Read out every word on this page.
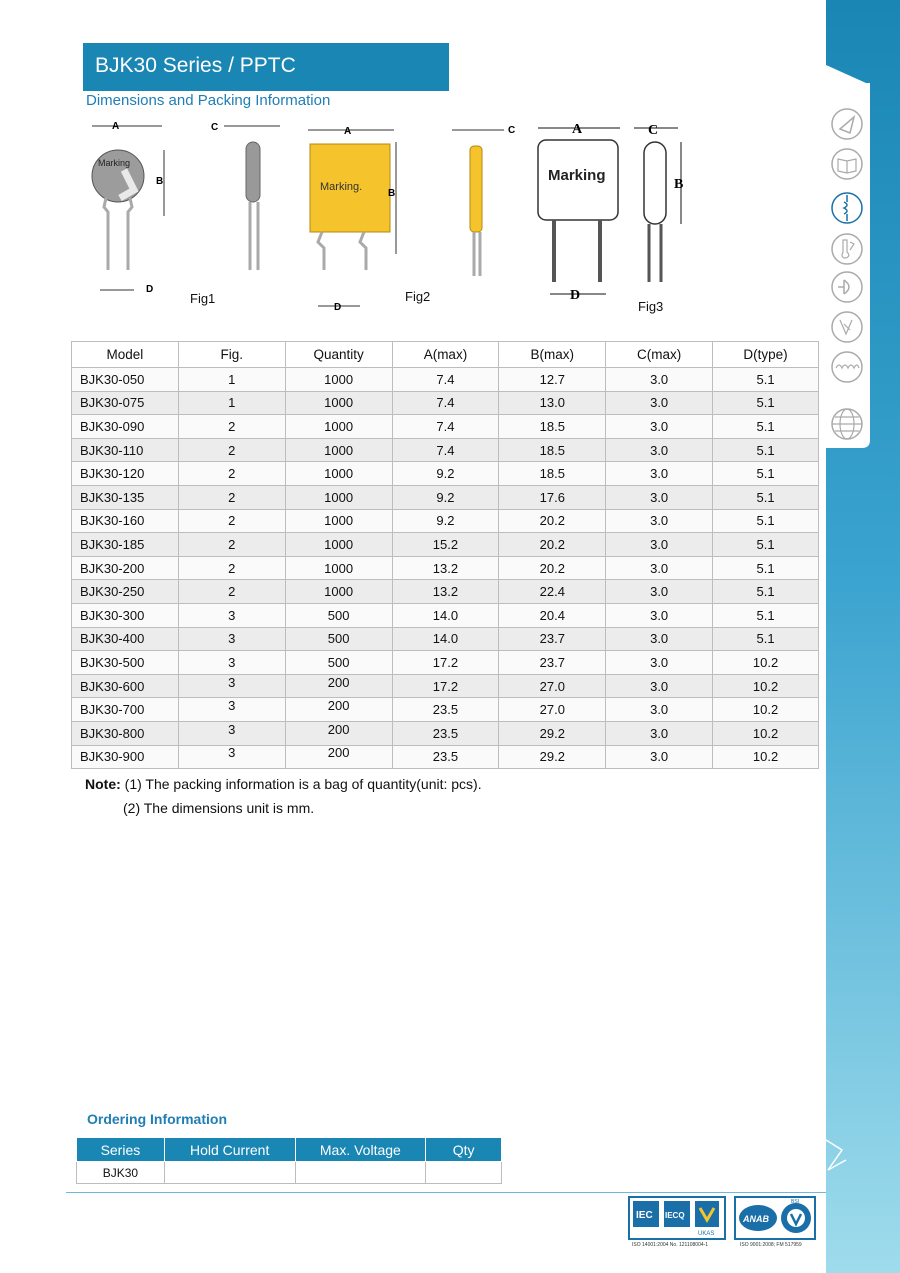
BJK30 Series / PPTC
Dimensions and Packing Information
A
Marking
B
D
Fig1
C	A
Marking.
B
D
Fig2
C	A
Marking
D
C
B
Fig3
Model	Fig.	Quantity	A(max)	B(max)	C(max)	D(type)
BJK30-050	1	1000	7.4	12.7	3.0	5.1
BJK30-075	1	1000	7.4	13.0	3.0	5.1
BJK30-090	2	1000	7.4	18.5	3.0	5.1
BJK30-110	2	1000	7.4	18.5	3.0	5.1
BJK30-120	2	1000	9.2	18.5	3.0	5.1
BJK30-135	2	1000	9.2	17.6	3.0	5.1
BJK30-160	2	1000	9.2	20.2	3.0	5.1
BJK30-185	2	1000	15.2	20.2	3.0	5.1
BJK30-200	2	1000	13.2	20.2	3.0	5.1
BJK30-250	2	1000	13.2	22.4	3.0	5.1
BJK30-300	3	500	14.0	20.4	3.0	5.1
BJK30-400	3	500	14.0	23.7	3.0	5.1
BJK30-500	3	500	17.2	23.7	3.0	10.2
BJK30-600	3	200	17.2	27.0	3.0	10.2
BJK30-700	3	200	23.5	27.0	3.0	10.2
BJK30-800	3	200	23.5	29.2	3.0	10.2
BJK30-900	3	200	23.5	29.2	3.0	10.2
Note: (1) The packing information is a bag of quantity(unit: pcs).
(2) The dimensions unit is mm.
Ordering Information
Series	Hold Current	Max. Voltage	Qty
BJK30			
IEC IECQ
UKAS
ISO 14001:2004 No. 121108004-1
ANAB
BSI
ISO 9001:2008; FM 517959
